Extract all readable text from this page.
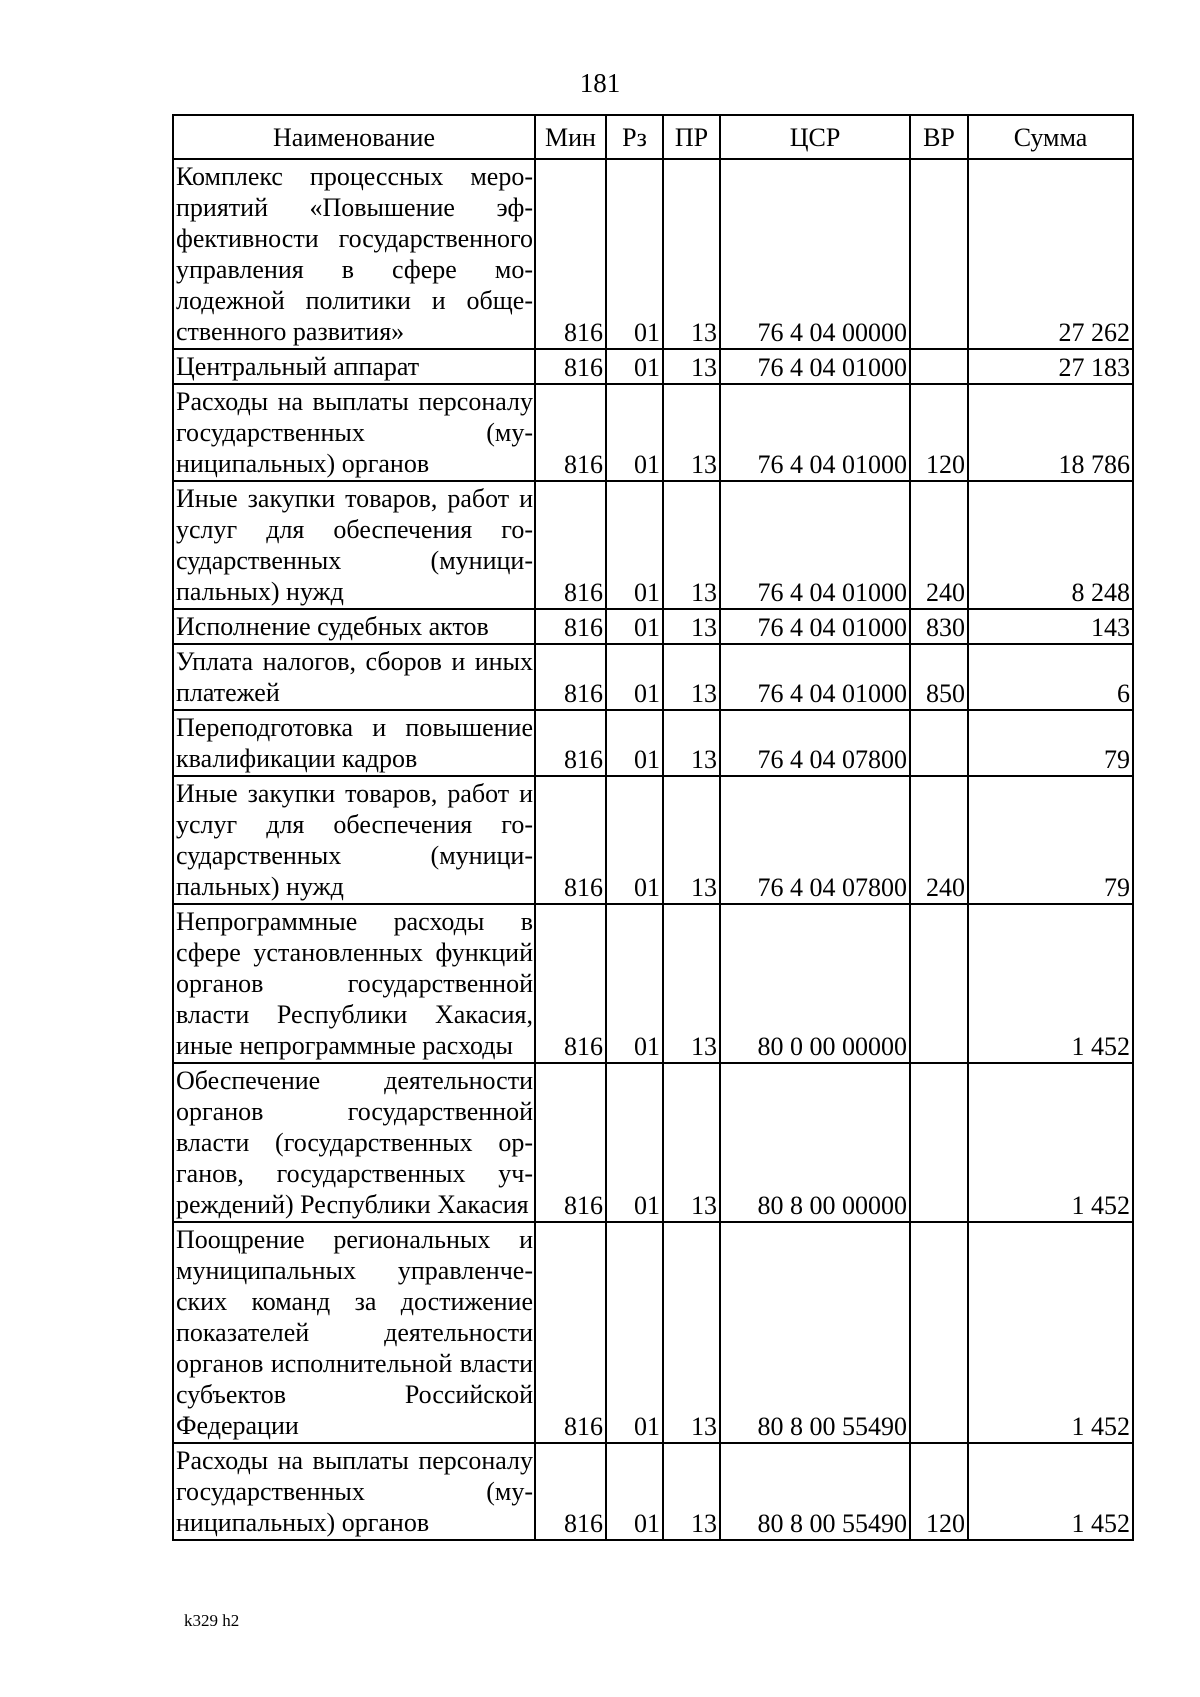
181
Наименование	Мин	Рз	ПР	ЦСР	ВР	Сумма
Комплекс процессных мероприятий «Повышение эффективности государственного управления в сфере молодежной политики и общественного развития»	816	01	13	76 4 04 00000		27 262
Центральный аппарат	816	01	13	76 4 04 01000		27 183
Расходы на выплаты персоналу государственных (муниципальных) органов	816	01	13	76 4 04 01000	120	18 786
Иные закупки товаров, работ и услуг для обеспечения государственных (муниципальных) нужд	816	01	13	76 4 04 01000	240	8 248
Исполнение судебных актов	816	01	13	76 4 04 01000	830	143
Уплата налогов, сборов и иных платежей	816	01	13	76 4 04 01000	850	6
Переподготовка и повышение квалификации кадров	816	01	13	76 4 04 07800		79
Иные закупки товаров, работ и услуг для обеспечения государственных (муниципальных) нужд	816	01	13	76 4 04 07800	240	79
Непрограммные расходы в сфере установленных функций органов государственной власти Республики Хакасия, иные непрограммные расходы	816	01	13	80 0 00 00000		1 452
Обеспечение деятельности органов государственной власти (государственных органов, государственных учреждений) Республики Хакасия	816	01	13	80 8 00 00000		1 452
Поощрение региональных и муниципальных управленческих команд за достижение показателей деятельности органов исполнительной власти субъектов Российской Федерации	816	01	13	80 8 00 55490		1 452
Расходы на выплаты персоналу государственных (муниципальных) органов	816	01	13	80 8 00 55490	120	1 452
k329 h2
